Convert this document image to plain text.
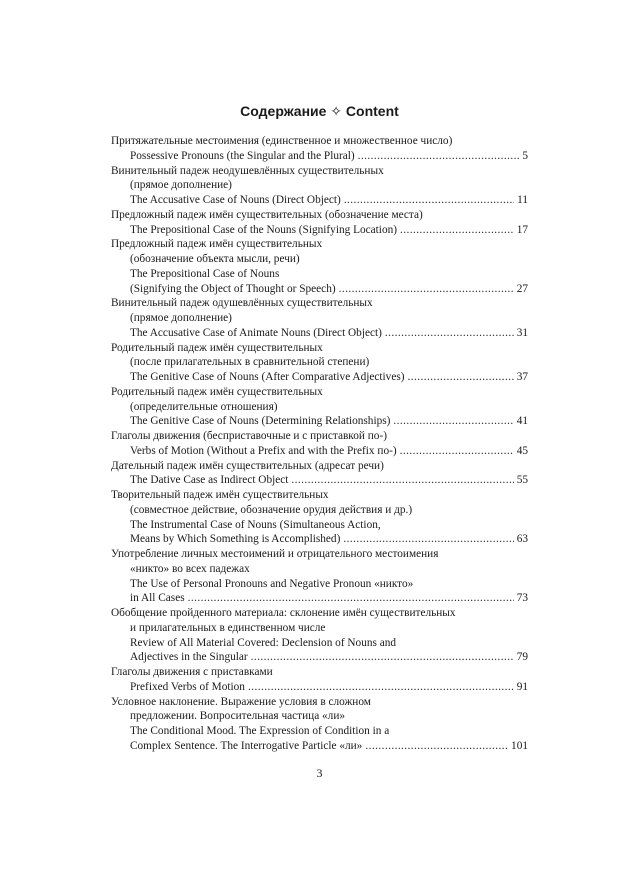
Содержание ✧ Content
Притяжательные местоимения (единственное и множественное число)
Possessive Pronouns (the Singular and the Plural) . . .	5
Винительный падеж неодушевлённых существительных
(прямое дополнение)
The Accusative Case of Nouns (Direct Object) . . .	11
Предложный падеж имён существительных (обозначение места)
The Prepositional Case of the Nouns (Signifying Location) . . .	17
Предложный падеж имён существительных
(обозначение объекта мысли, речи)
The Prepositional Case of Nouns
(Signifying the Object of Thought or Speech) . . .	27
Винительный падеж одушевлённых существительных
(прямое дополнение)
The Accusative Case of Animate Nouns (Direct Object) . . .	31
Родительный падеж имён существительных
(после прилагательных в сравнительной степени)
The Genitive Case of Nouns (After Comparative Adjectives) . . .	37
Родительный падеж имён существительных
(определительные отношения)
The Genitive Case of Nouns (Determining Relationships) . . .	41
Глаголы движения (бесприставочные и с приставкой по-)
Verbs of Motion (Without a Prefix and with the Prefix по-) . . .	45
Дательный падеж имён существительных (адресат речи)
The Dative Case as Indirect Object . . .	55
Творительный падеж имён существительных
(совместное действие, обозначение орудия действия и др.)
The Instrumental Case of Nouns (Simultaneous Action,
Means by Which Something is Accomplished) . . .	63
Употребление личных местоимений и отрицательного местоимения
«никто» во всех падежах
The Use of Personal Pronouns and Negative Pronoun «никто»
in All Cases . . .	73
Обобщение пройденного материала: склонение имён существительных
и прилагательных в единственном числе
Review of All Material Covered: Declension of Nouns and
Adjectives in the Singular . . .	79
Глаголы движения с приставками
Prefixed Verbs of Motion . . .	91
Условное наклонение. Выражение условия в сложном
предложении. Вопросительная частица «ли»
The Conditional Mood. The Expression of Condition in a
Complex Sentence. The Interrogative Particle «ли» . . .	101
3
